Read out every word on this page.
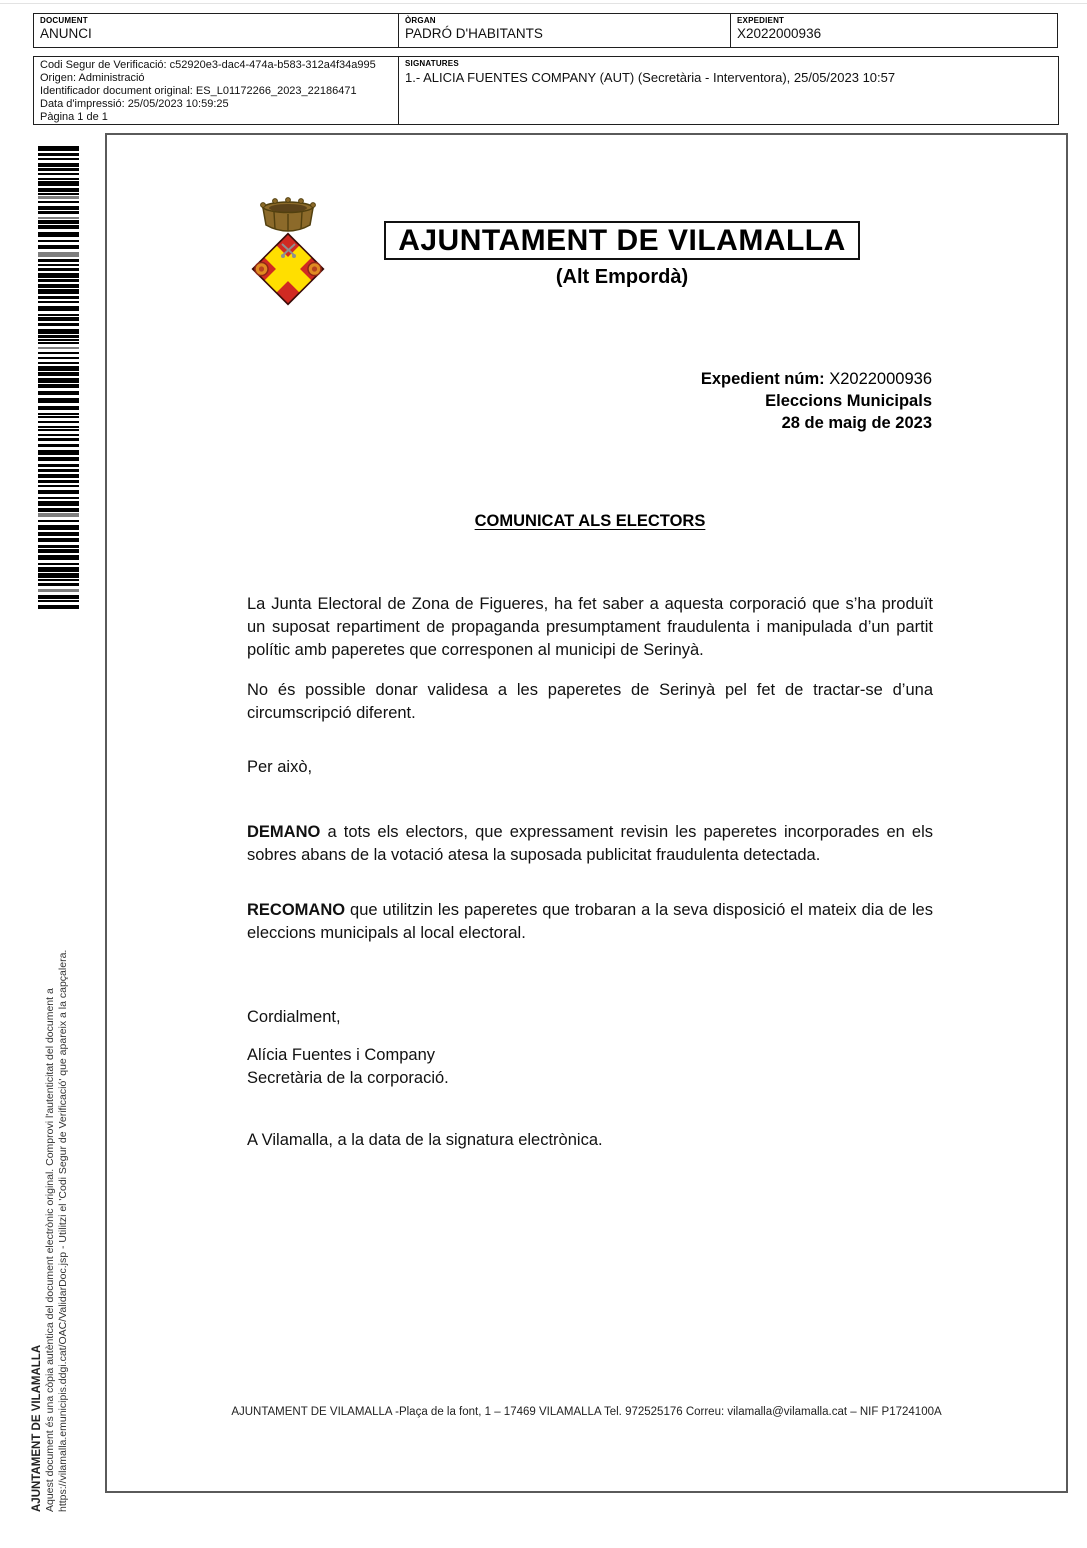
DOCUMENT
ANUNCI
ÒRGAN
PADRÓ D'HABITANTS
EXPEDIENT
X2022000936
Codi Segur de Verificació: c52920e3-dac4-474a-b583-312a4f34a995
Origen: Administració
Identificador document original: ES_L01172266_2023_22186471
Data d'impressió: 25/05/2023 10:59:25
Pàgina 1 de 1
SIGNATURES
1.- ALICIA FUENTES COMPANY (AUT) (Secretària - Interventora), 25/05/2023 10:57
AJUNTAMENT DE VILAMALLA Aquest document és una còpia autèntica del document electrònic original. Comprovi l'autenticitat del document a https://vilamalla.emunicipis.ddgi.cat/OAC/ValidarDoc.jsp - Utilitzi el 'Codi Segur de Verificació' que apareix a la capçalera.
AJUNTAMENT DE VILAMALLA
(Alt Empordà)
Expedient núm: X2022000936
Eleccions Municipals
28 de maig de 2023
COMUNICAT ALS ELECTORS
La Junta Electoral de Zona de Figueres, ha fet saber a aquesta corporació que s’ha produït un suposat repartiment de propaganda presumptament fraudulenta i manipulada d’un partit polític amb paperetes que corresponen al municipi de Serinyà.
No és possible donar validesa a les paperetes de Serinyà pel fet de tractar-se d’una circumscripció diferent.
Per això,
DEMANO a tots els electors, que expressament revisin les paperetes incorporades en els sobres abans de la votació atesa la suposada publicitat fraudulenta detectada.
RECOMANO que utilitzin les paperetes que trobaran a la seva disposició el mateix dia de les eleccions municipals al local electoral.
Cordialment,
Alícia Fuentes i Company
Secretària de la corporació.
A Vilamalla, a la data de la signatura electrònica.
AJUNTAMENT DE VILAMALLA -Plaça de la font, 1 – 17469 VILAMALLA Tel. 972525176 Correu: vilamalla@vilamalla.cat – NIF P1724100A
